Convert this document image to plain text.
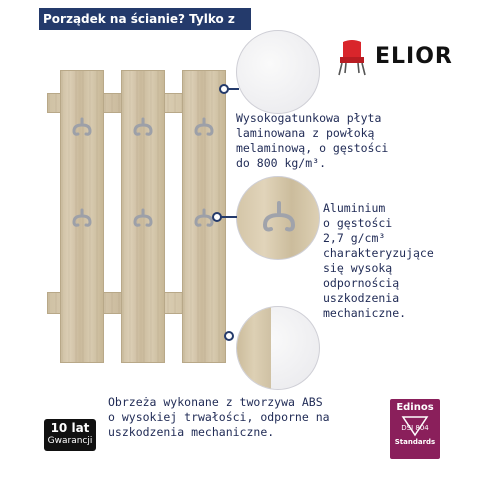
Porządek na ścianie? Tylko z Ursą!
ELIOR
Wysokogatunkowa płyta
laminowana z powłoką
melaminową, o gęstości
do 800 kg/m³.
Aluminium
o gęstości
2,7 g/cm³
charakteryzujące
się wysoką
odpornością
uszkodzenia
mechaniczne.
Obrzeża wykonane z tworzywa ABS
o wysokiej trwałości, odporne na
uszkodzenia mechaniczne.
10 lat
Gwarancji
Edinos
DSI 804
Standards
